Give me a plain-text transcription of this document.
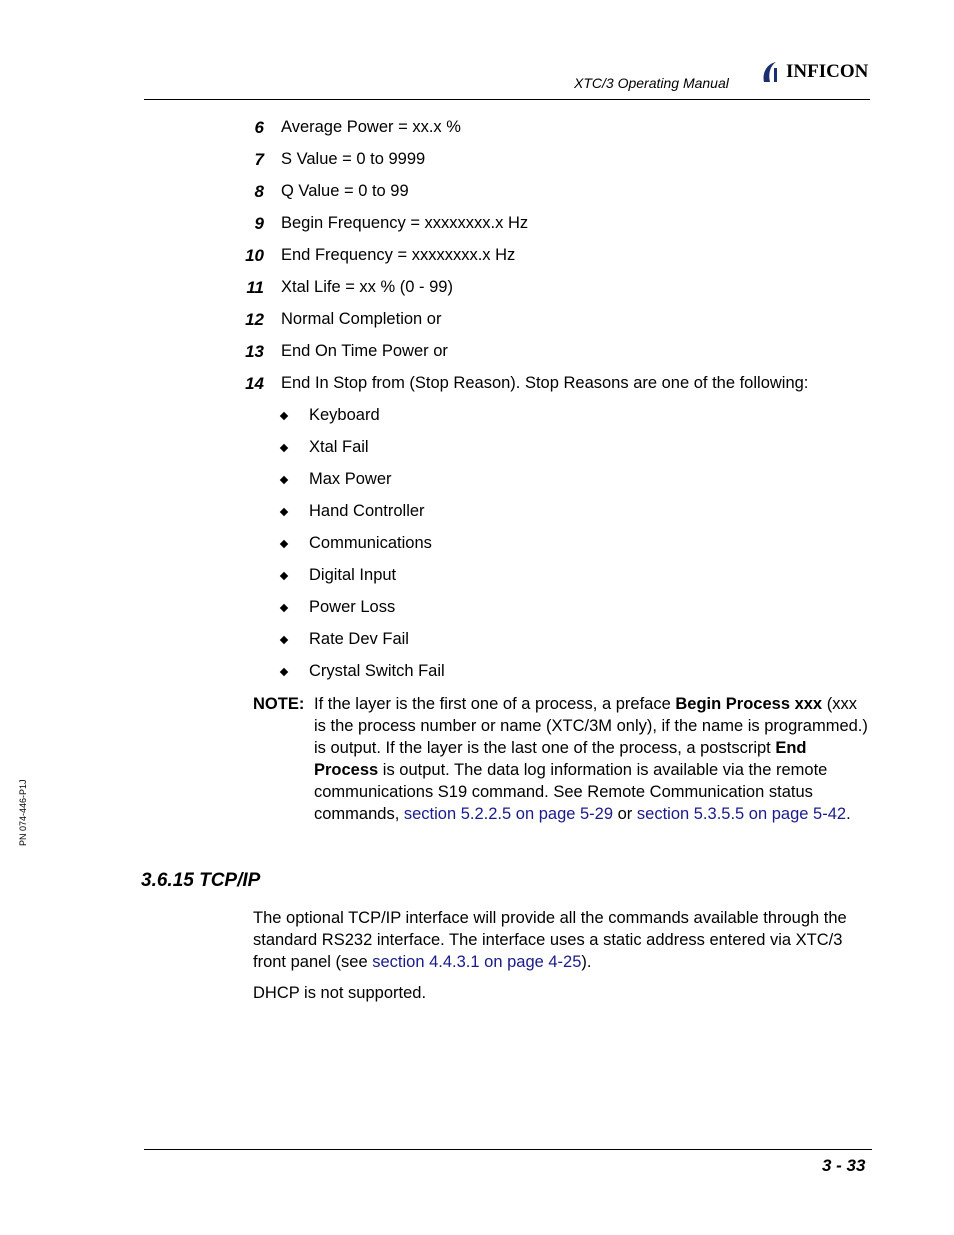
XTC/3 Operating Manual
INFICON
PN 074-446-P1J
6 Average Power = xx.x %
7 S Value = 0 to 9999
8 Q Value = 0 to 99
9 Begin Frequency = xxxxxxxx.x Hz
10 End Frequency = xxxxxxxx.x Hz
11 Xtal Life = xx % (0 - 99)
12 Normal Completion or
13 End On Time Power or
14 End In Stop from (Stop Reason). Stop Reasons are one of the following:
Keyboard
Xtal Fail
Max Power
Hand Controller
Communications
Digital Input
Power Loss
Rate Dev Fail
Crystal Switch Fail
NOTE: If the layer is the first one of a process, a preface Begin Process xxx (xxx is the process number or name (XTC/3M only), if the name is programmed.) is output. If the layer is the last one of the process, a postscript End Process is output. The data log information is available via the remote communications S19 command. See Remote Communication status commands, section 5.2.2.5 on page 5-29 or section 5.3.5.5 on page 5-42.
3.6.15 TCP/IP
The optional TCP/IP interface will provide all the commands available through the standard RS232 interface. The interface uses a static address entered via XTC/3 front panel (see section 4.4.3.1 on page 4-25).
DHCP is not supported.
3 - 33
